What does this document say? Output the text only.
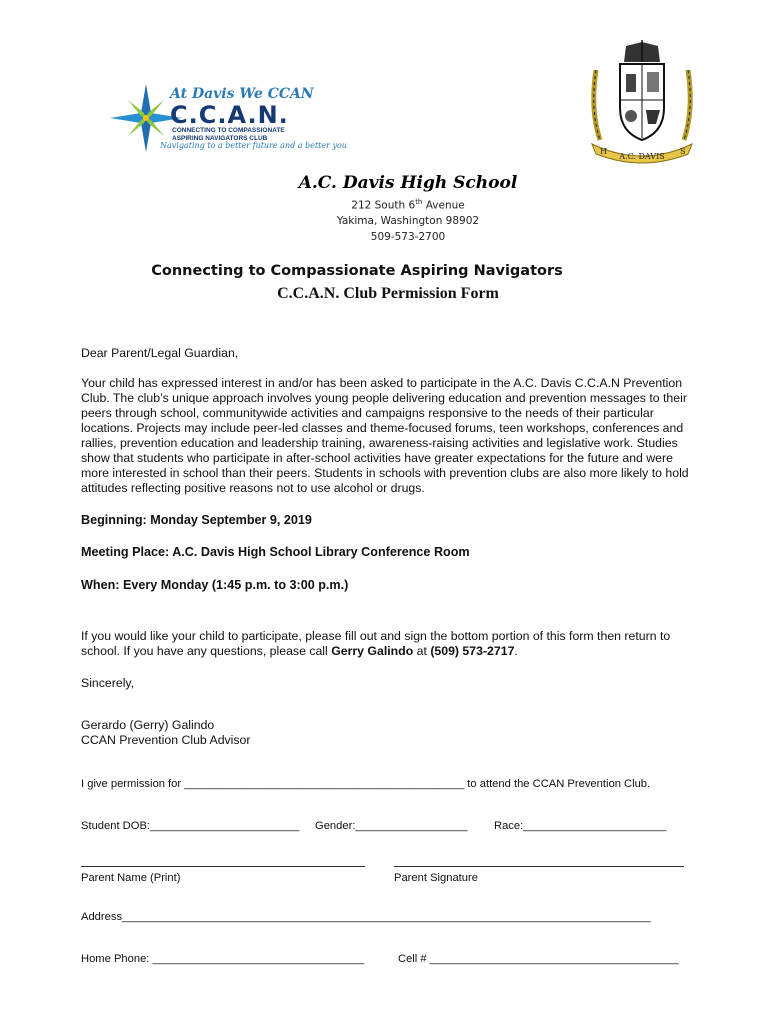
At Davis We CCAN
C.C.A.N.
CONNECTING TO COMPASSIONATE
ASPIRING NAVIGATORS CLUB
Navigating to a better future and a better you
A.C. DAVIS
H	S
A.C. Davis High School
212 South 6th Avenue
Yakima, Washington 98902
509-573-2700
Connecting to Compassionate Aspiring Navigators
C.C.A.N. Club Permission Form
Dear Parent/Legal Guardian,
Your child has expressed interest in and/or has been asked to participate in the A.C. Davis C.C.A.N Prevention Club. The club’s unique approach involves young people delivering education and prevention messages to their peers through school, communitywide activities and campaigns responsive to the needs of their particular locations. Projects may include peer-led classes and theme-focused forums, teen workshops, conferences and rallies, prevention education and leadership training, awareness-raising activities and legislative work. Studies show that students who participate in after-school activities have greater expectations for the future and were more interested in school than their peers. Students in schools with prevention clubs are also more likely to hold attitudes reflecting positive reasons not to use alcohol or drugs.
Beginning: Monday September 9, 2019
Meeting Place: A.C. Davis High School Library Conference Room
When: Every Monday (1:45 p.m. to 3:00 p.m.)
If you would like your child to participate, please fill out and sign the bottom portion of this form then return to school. If you have any questions, please call Gerry Galindo at (509) 573-2717.
Sincerely,
Gerardo (Gerry) Galindo
CCAN Prevention Club Advisor
I give permission for _____________________________________________ to attend the CCAN Prevention Club.
Student DOB:________________________ Gender:__________________ Race:_______________________
Parent Name (Print)	Parent Signature
Address_____________________________________________________________________________________
Home Phone: __________________________________	Cell # ________________________________________
